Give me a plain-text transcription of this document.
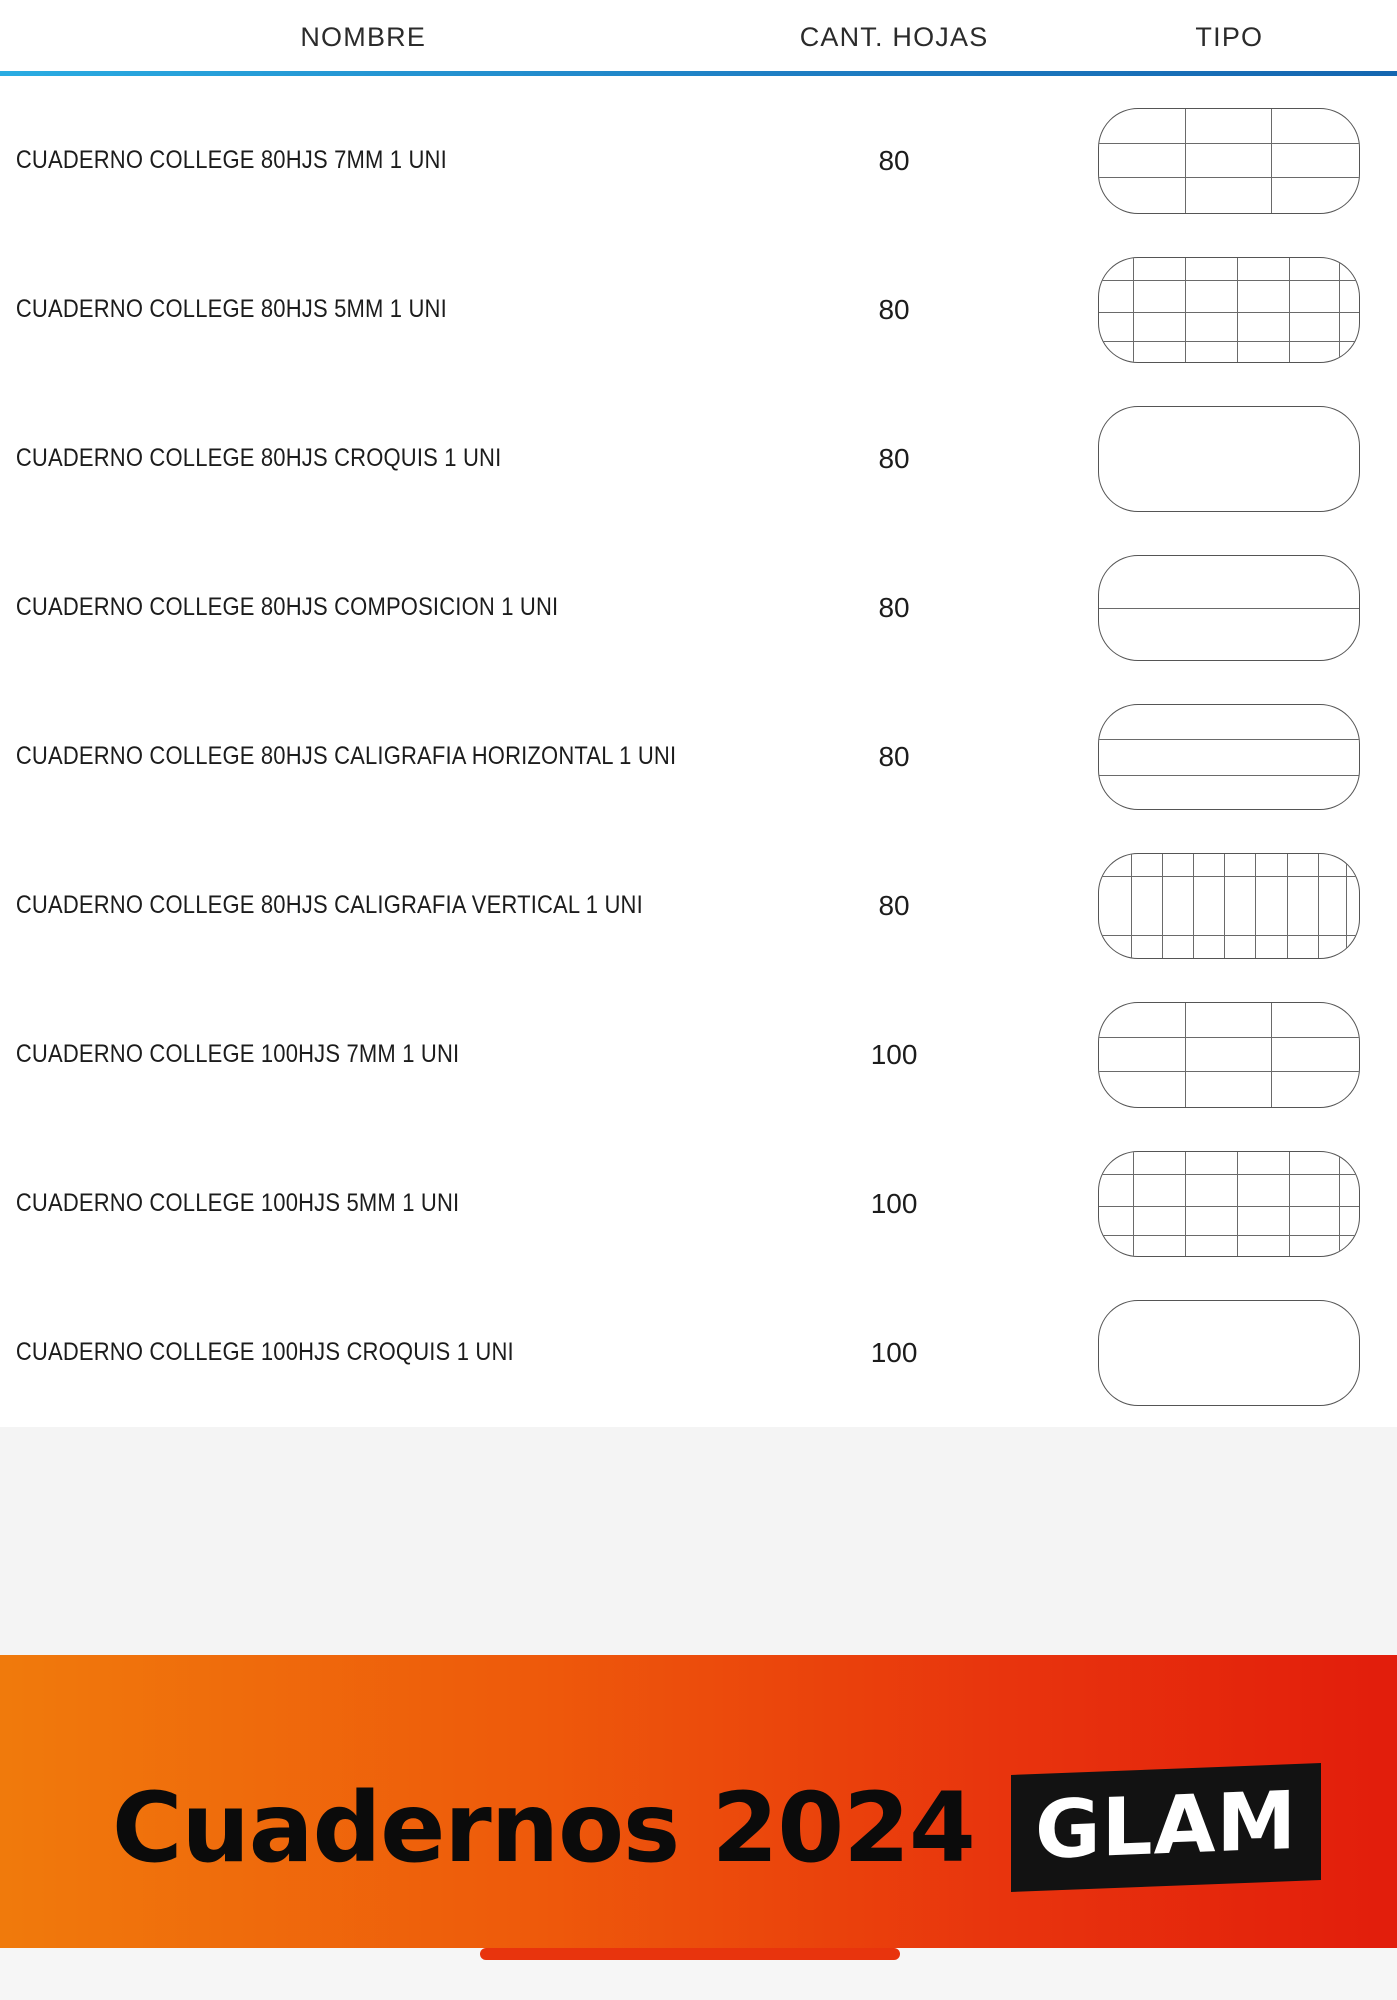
NOMBRE	CANT. HOJAS	TIPO
CUADERNO COLLEGE 80HJS 7MM 1 UNI	80
CUADERNO COLLEGE 80HJS 5MM 1 UNI	80
CUADERNO COLLEGE 80HJS CROQUIS 1 UNI	80
CUADERNO COLLEGE 80HJS COMPOSICION 1 UNI	80
CUADERNO COLLEGE 80HJS CALIGRAFIA HORIZONTAL 1 UNI	80
CUADERNO COLLEGE 80HJS CALIGRAFIA VERTICAL 1 UNI	80
CUADERNO COLLEGE 100HJS 7MM 1 UNI	100
CUADERNO COLLEGE 100HJS 5MM 1 UNI	100
CUADERNO COLLEGE 100HJS CROQUIS 1 UNI	100
Cuadernos 2024 GLAM
